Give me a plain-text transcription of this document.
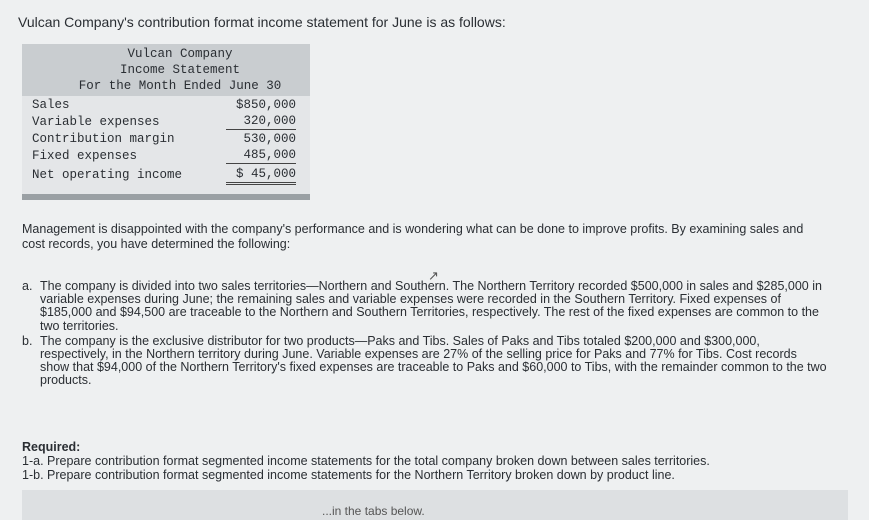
Vulcan Company's contribution format income statement for June is as follows:
Vulcan Company
Income Statement
For the Month Ended June 30
Sales	$850,000
Variable expenses	320,000
Contribution margin	530,000
Fixed expenses	485,000
Net operating income	$ 45,000
Management is disappointed with the company's performance and is wondering what can be done to improve profits. By examining sales and cost records, you have determined the following:
↗
a. The company is divided into two sales territories—Northern and Southern. The Northern Territory recorded $500,000 in sales and $285,000 in variable expenses during June; the remaining sales and variable expenses were recorded in the Southern Territory. Fixed expenses of $185,000 and $94,500 are traceable to the Northern and Southern Territories, respectively. The rest of the fixed expenses are common to the two territories.
b. The company is the exclusive distributor for two products—Paks and Tibs. Sales of Paks and Tibs totaled $200,000 and $300,000, respectively, in the Northern territory during June. Variable expenses are 27% of the selling price for Paks and 77% for Tibs. Cost records show that $94,000 of the Northern Territory's fixed expenses are traceable to Paks and $60,000 to Tibs, with the remainder common to the two products.
Required:
1-a. Prepare contribution format segmented income statements for the total company broken down between sales territories.
1-b. Prepare contribution format segmented income statements for the Northern Territory broken down by product line.
...in the tabs below.
